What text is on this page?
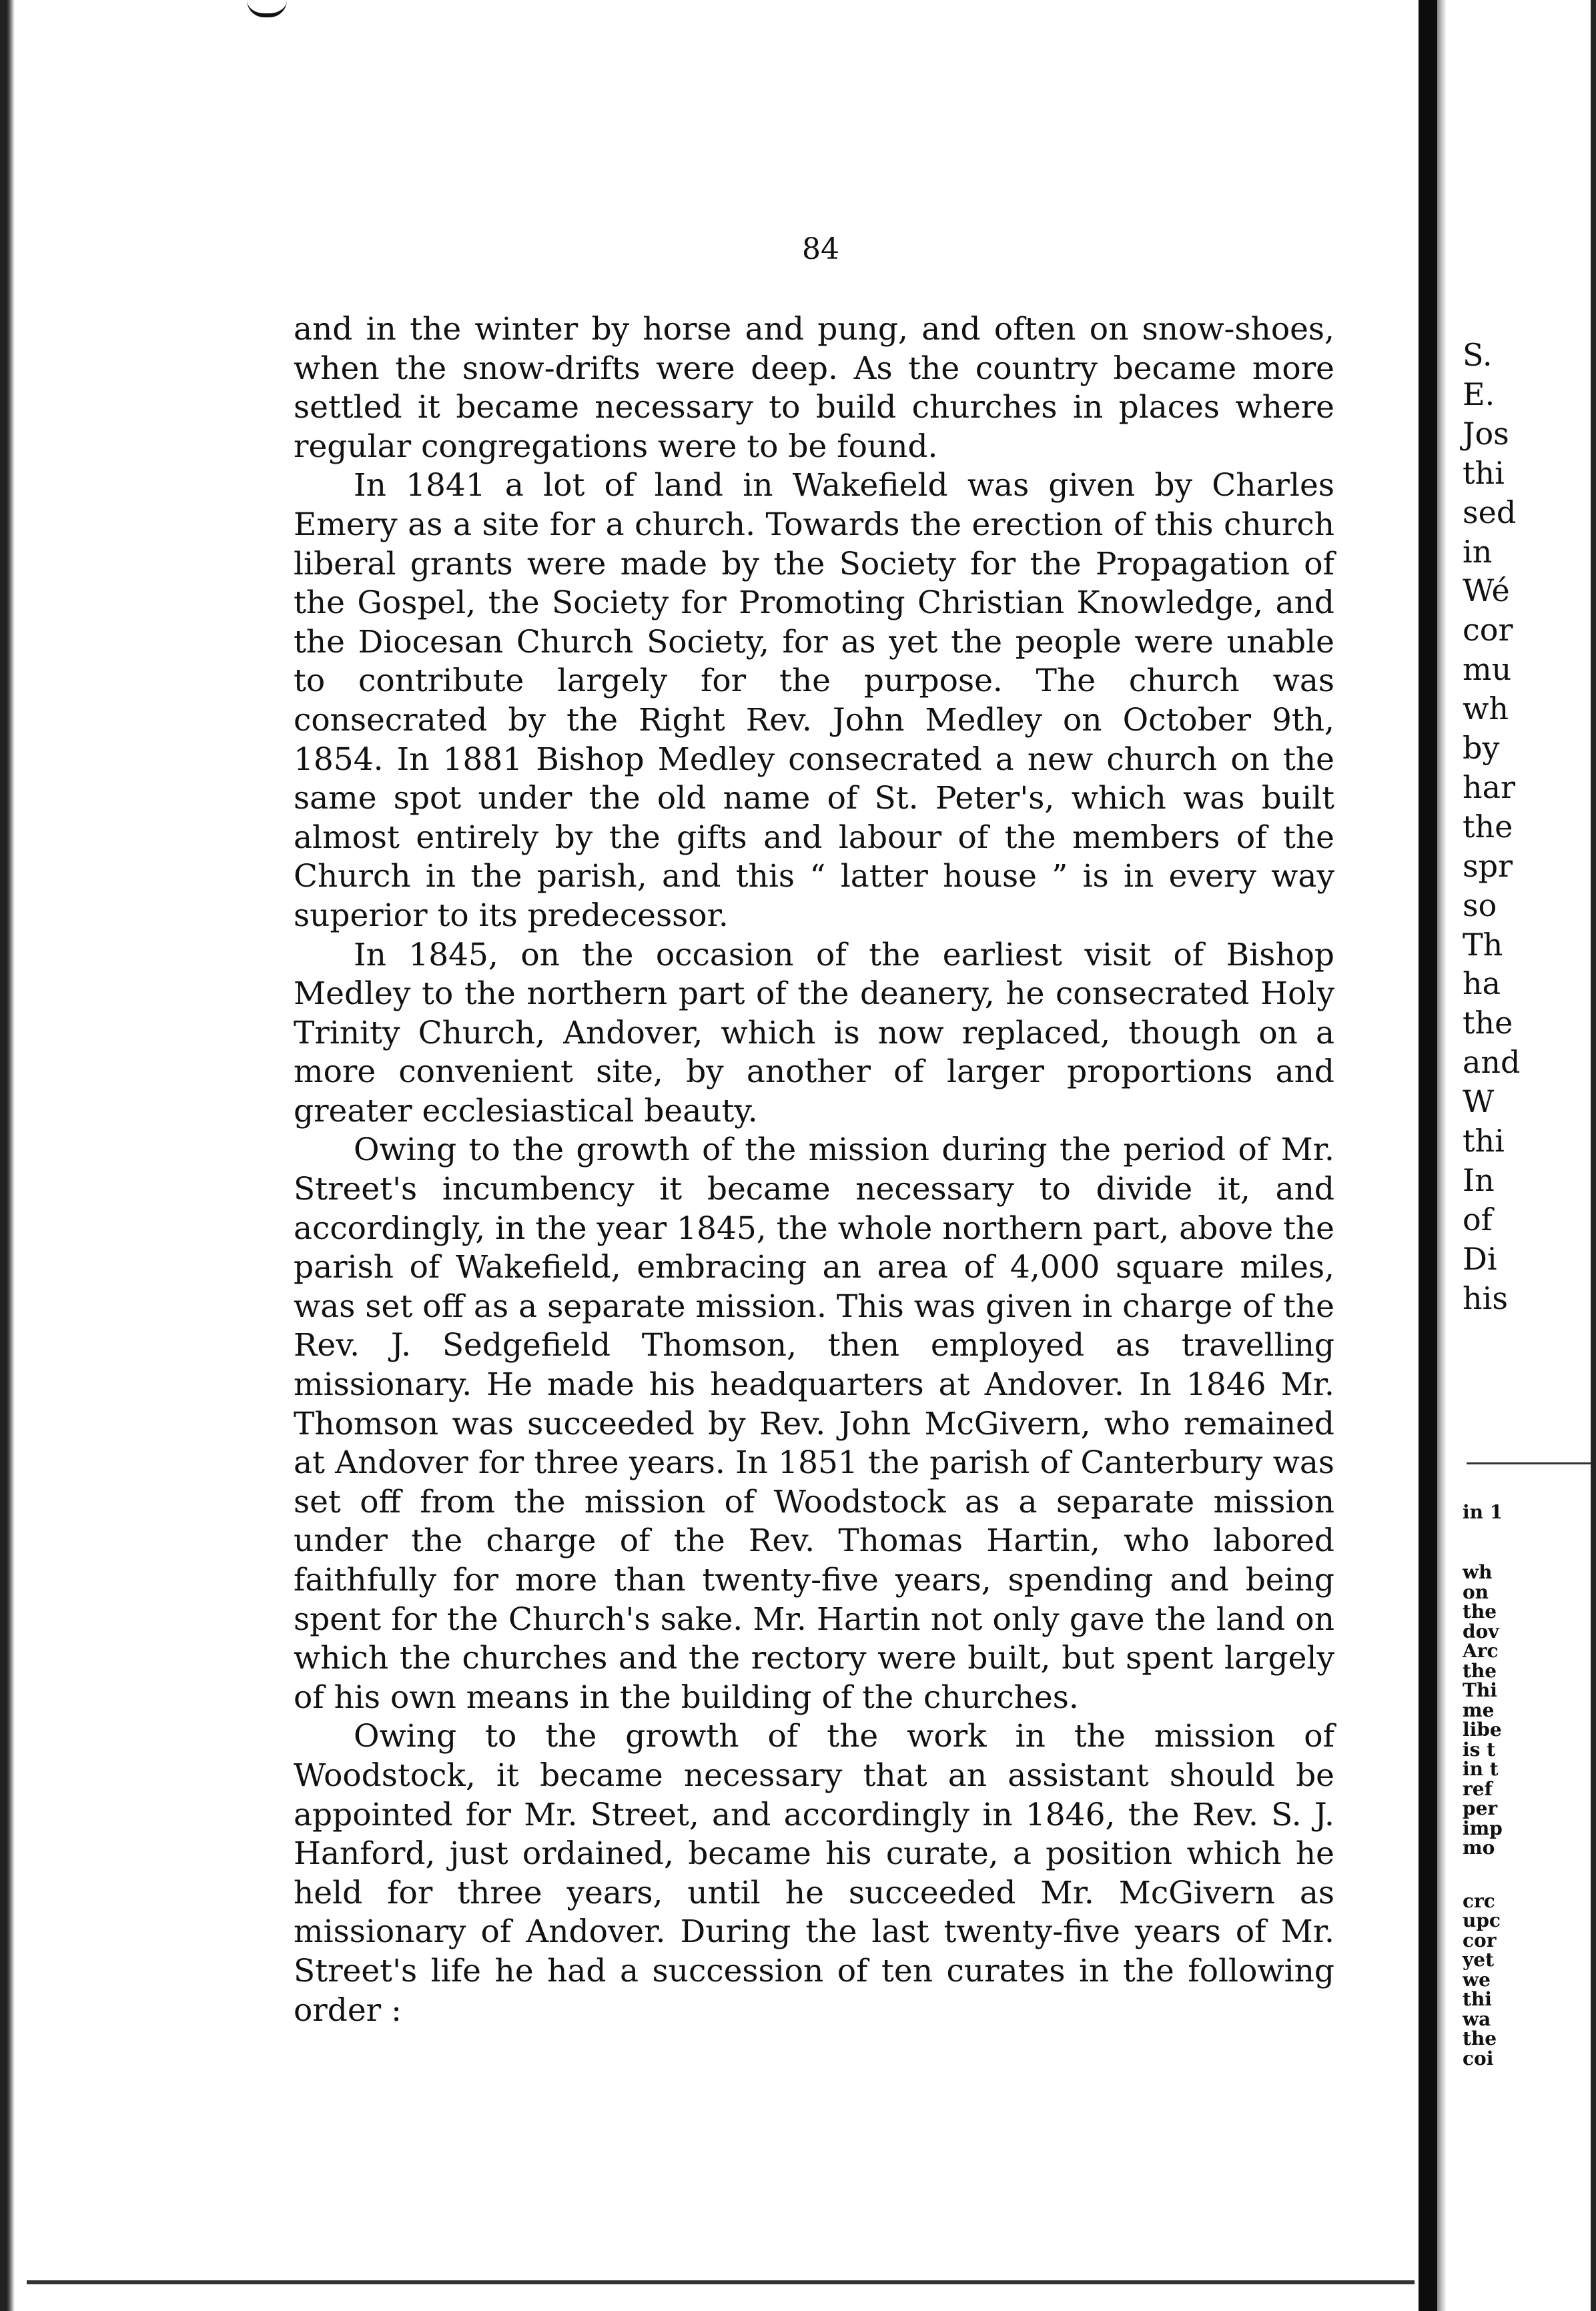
84

and in the winter by horse and pung, and often on snow-shoes, when the snow-drifts were deep. As the country became more settled it became necessary to build churches in places where regular congregations were to be found.

In 1841 a lot of land in Wakefield was given by Charles Emery as a site for a church. Towards the erection of this church liberal grants were made by the Society for the Propagation of the Gospel, the Society for Promoting Christian Knowledge, and the Diocesan Church Society, for as yet the people were unable to contribute largely for the purpose. The church was consecrated by the Right Rev. John Medley on October 9th, 1854. In 1881 Bishop Medley consecrated a new church on the same spot under the old name of St. Peter's, which was built almost entirely by the gifts and labour of the members of the Church in the parish, and this “ latter house ” is in every way superior to its predecessor.

In 1845, on the occasion of the earliest visit of Bishop Medley to the northern part of the deanery, he consecrated Holy Trinity Church, Andover, which is now replaced, though on a more convenient site, by another of larger proportions and greater ecclesiastical beauty.

Owing to the growth of the mission during the period of Mr. Street's incumbency it became necessary to divide it, and accordingly, in the year 1845, the whole northern part, above the parish of Wakefield, embracing an area of 4,000 square miles, was set off as a separate mission. This was given in charge of the Rev. J. Sedgefield Thomson, then employed as travelling missionary. He made his headquarters at Andover. In 1846 Mr. Thomson was succeeded by Rev. John McGivern, who remained at Andover for three years. In 1851 the parish of Canterbury was set off from the mission of Woodstock as a separate mission under the charge of the Rev. Thomas Hartin, who labored faithfully for more than twenty-five years, spending and being spent for the Church's sake. Mr. Hartin not only gave the land on which the churches and the rectory were built, but spent largely of his own means in the building of the churches.

Owing to the growth of the work in the mission of Woodstock, it became necessary that an assistant should be appointed for Mr. Street, and accordingly in 1846, the Rev. S. J. Hanford, just ordained, became his curate, a position which he held for three years, until he succeeded Mr. McGivern as missionary of Andover. During the last twenty-five years of Mr. Street's life he had a succession of ten curates in the following order :

S.
E.
Jos
thi
sed
in
Wé
cor
mu
wh
by
har
the
spr
so
Th
ha
the
and
W
thi
In
of
Di
his
in 1
wh
on
the
dov
Arc
the
Thi
me
libe
is t
in t
ref
per
imp
mo
crc
upc
cor
yet
we
thi
wa
the
coi
